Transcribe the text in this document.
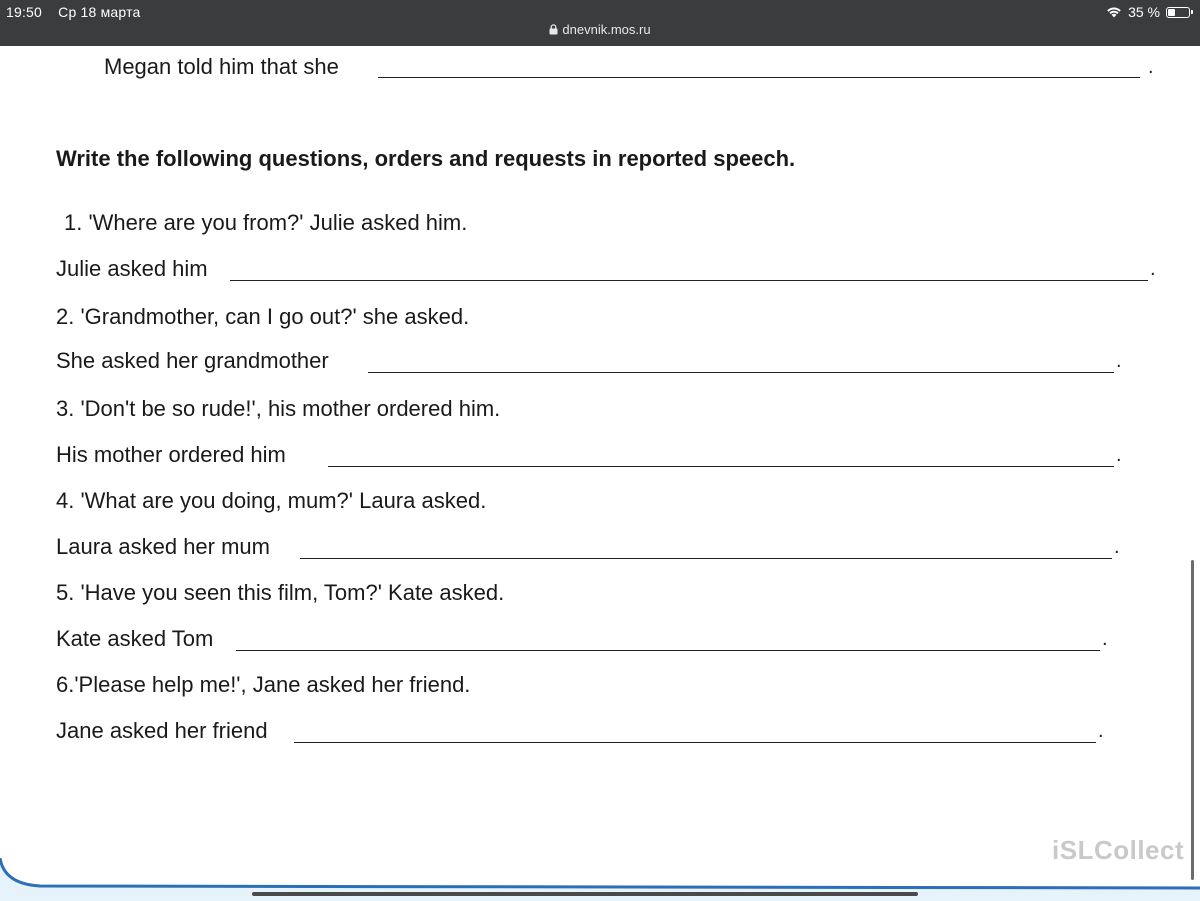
19:50 Ср 18 марта	35 %
dnevnik.mos.ru
Megan told him that she	.
Write the following questions, orders and requests in reported speech.
1. 'Where are you from?' Julie asked him.
Julie asked him	.
2. 'Grandmother, can I go out?' she asked.
She asked her grandmother	.
3. 'Don't be so rude!', his mother ordered him.
His mother ordered him	.
4. 'What are you doing, mum?' Laura asked.
Laura asked her mum	.
5. 'Have you seen this film, Tom?' Kate asked.
Kate asked Tom	.
6.'Please help me!', Jane asked her friend.
Jane asked her friend	.
iSLCollect
